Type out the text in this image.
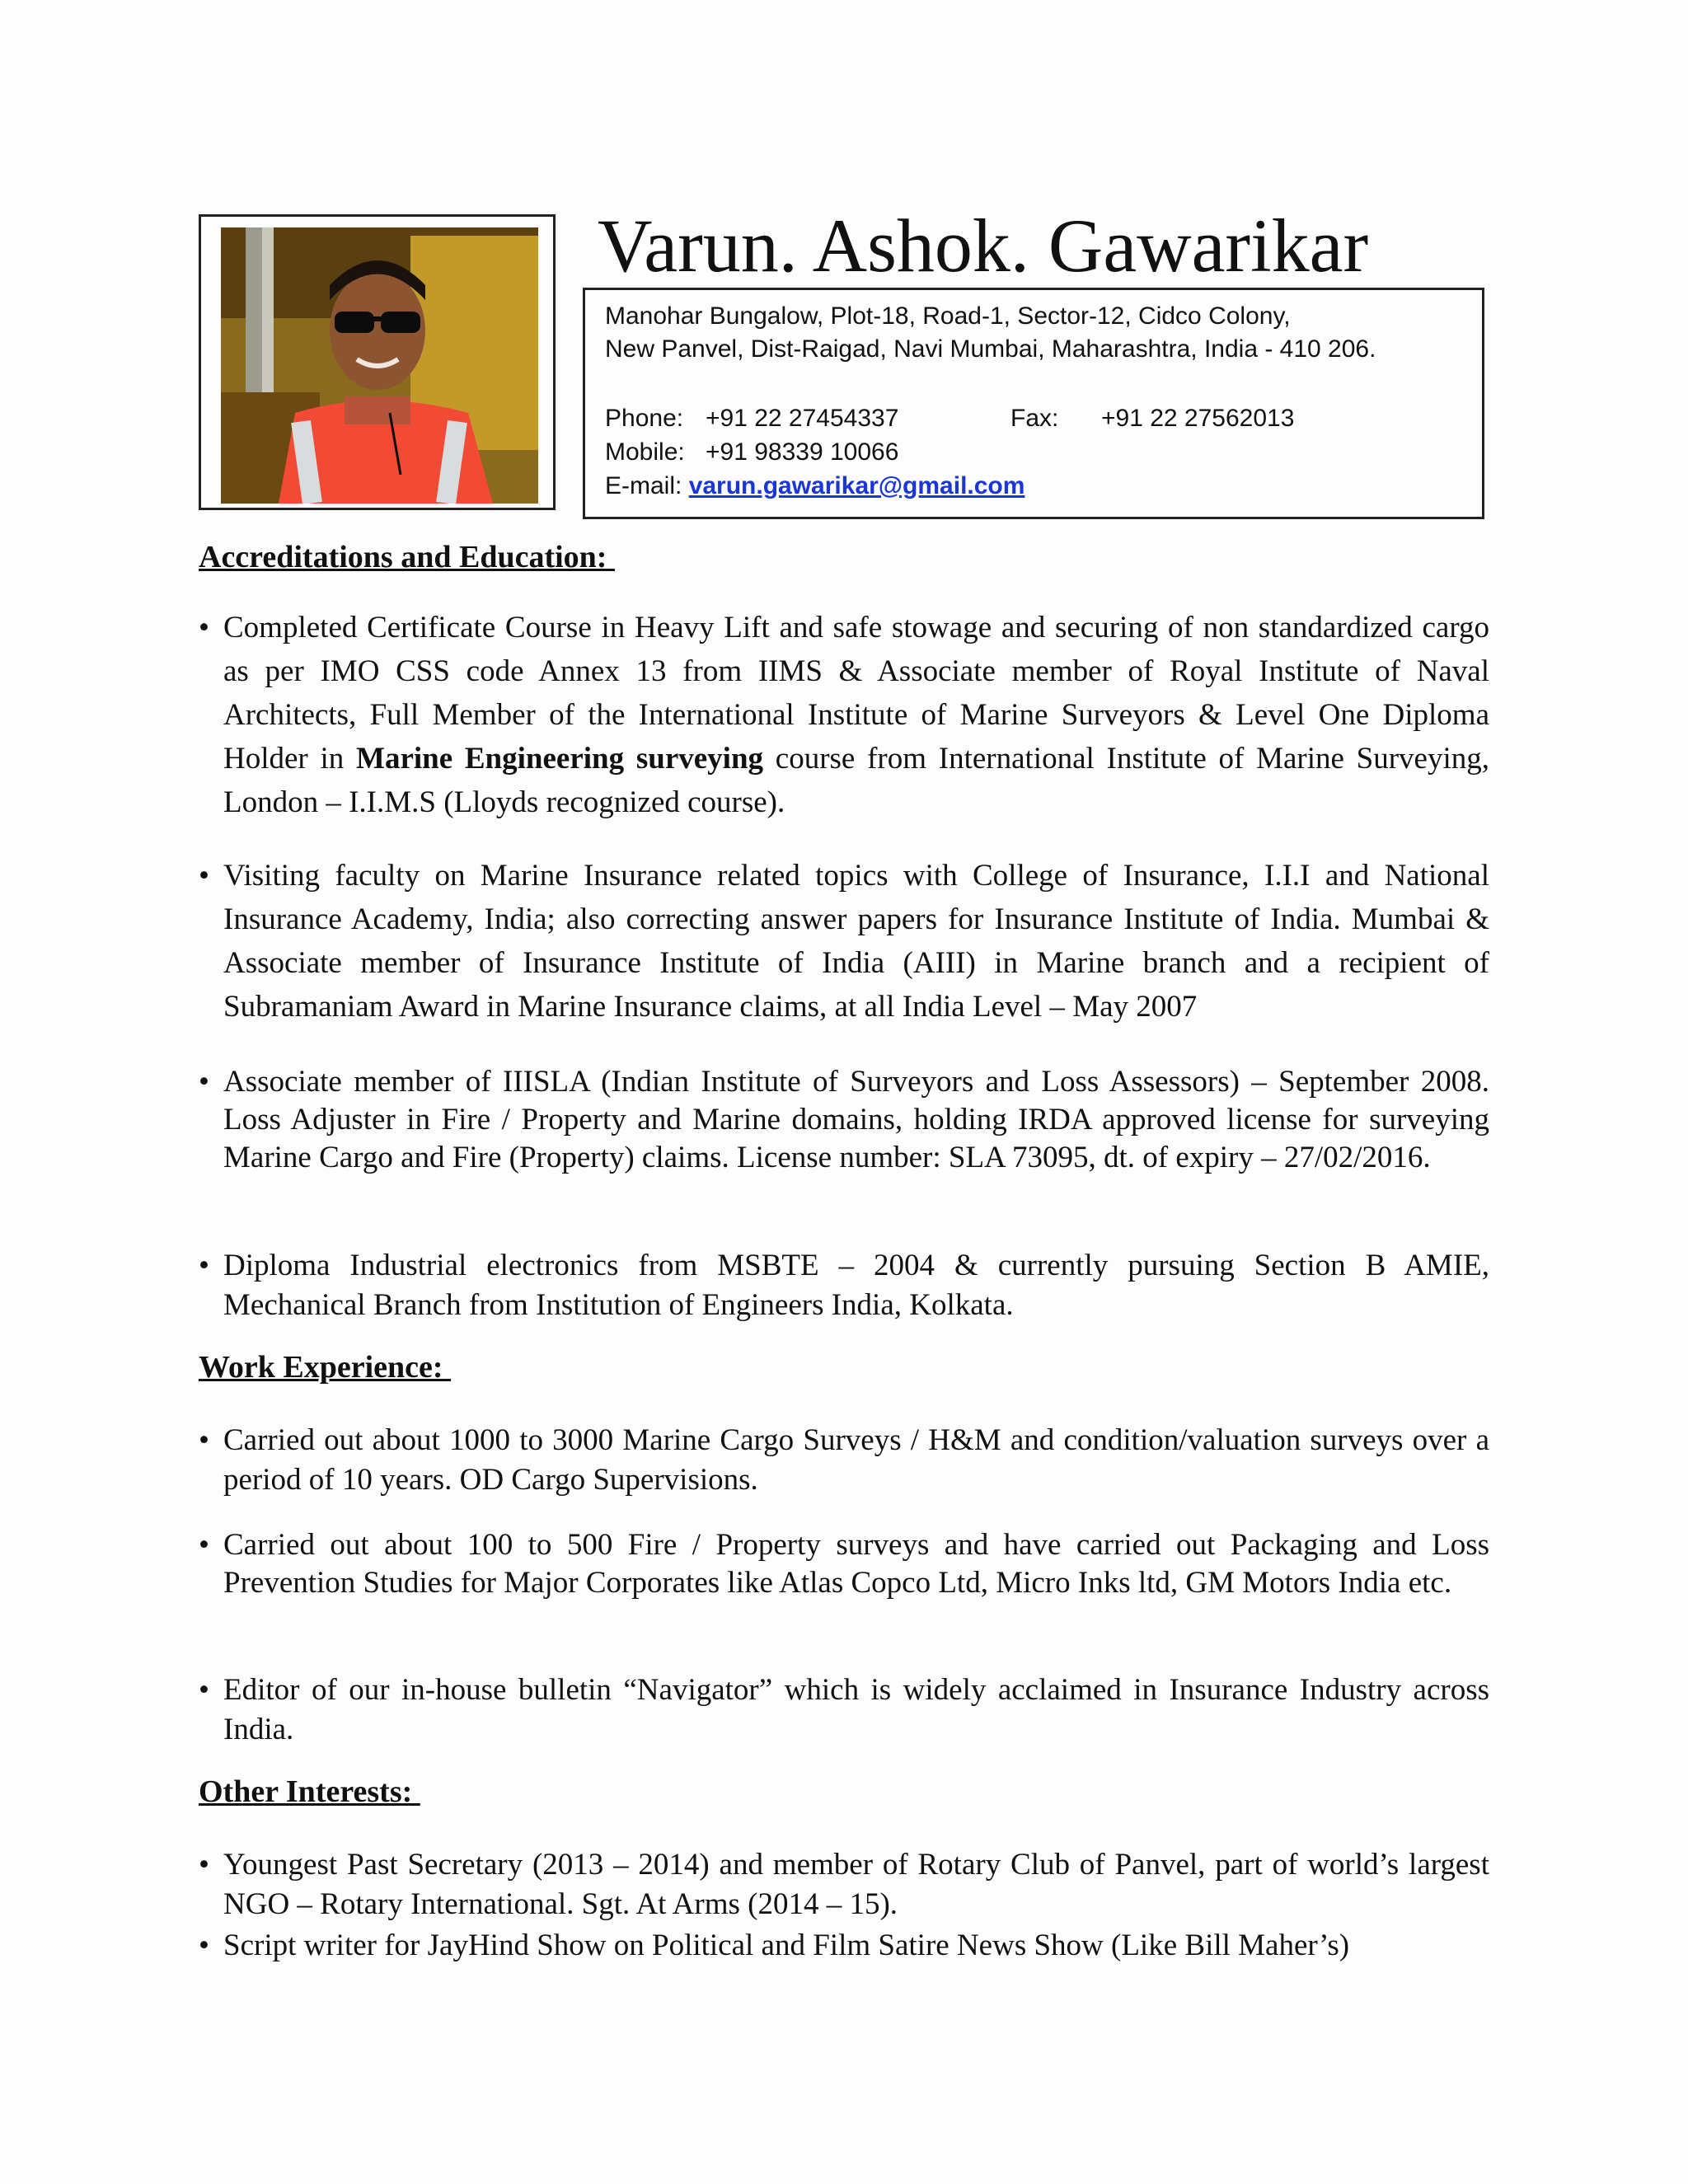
Varun. Ashok. Gawarikar
Manohar Bungalow, Plot-18, Road-1, Sector-12, Cidco Colony,
New Panvel, Dist-Raigad, Navi Mumbai, Maharashtra, India - 410 206.
Phone: +91 22 27454337	Fax: +91 22 27562013
Mobile: +91 98339 10066
E-mail: varun.gawarikar@gmail.com
Accreditations and Education:
• Completed Certificate Course in Heavy Lift and safe stowage and securing of non standardized cargo as per IMO CSS code Annex 13 from IIMS & Associate member of Royal Institute of Naval Architects, Full Member of the International Institute of Marine Surveyors & Level One Diploma Holder in Marine Engineering surveying course from International Institute of Marine Surveying, London – I.I.M.S (Lloyds recognized course).
• Visiting faculty on Marine Insurance related topics with College of Insurance, I.I.I and National Insurance Academy, India; also correcting answer papers for Insurance Institute of India. Mumbai & Associate member of Insurance Institute of India (AIII) in Marine branch and a recipient of Subramaniam Award in Marine Insurance claims, at all India Level – May 2007
• Associate member of IIISLA (Indian Institute of Surveyors and Loss Assessors) – September 2008. Loss Adjuster in Fire / Property and Marine domains, holding IRDA approved license for surveying Marine Cargo and Fire (Property) claims. License number: SLA 73095, dt. of expiry – 27/02/2016.
• Diploma Industrial electronics from MSBTE – 2004 & currently pursuing Section B AMIE, Mechanical Branch from Institution of Engineers India, Kolkata.
Work Experience:
• Carried out about 1000 to 3000 Marine Cargo Surveys / H&M and condition/valuation surveys over a period of 10 years. OD Cargo Supervisions.
• Carried out about 100 to 500 Fire / Property surveys and have carried out Packaging and Loss Prevention Studies for Major Corporates like Atlas Copco Ltd, Micro Inks ltd, GM Motors India etc.
• Editor of our in-house bulletin “Navigator” which is widely acclaimed in Insurance Industry across India.
Other Interests:
• Youngest Past Secretary (2013 – 2014) and member of Rotary Club of Panvel, part of world’s largest NGO – Rotary International. Sgt. At Arms (2014 – 15).
• Script writer for JayHind Show on Political and Film Satire News Show (Like Bill Maher’s)
